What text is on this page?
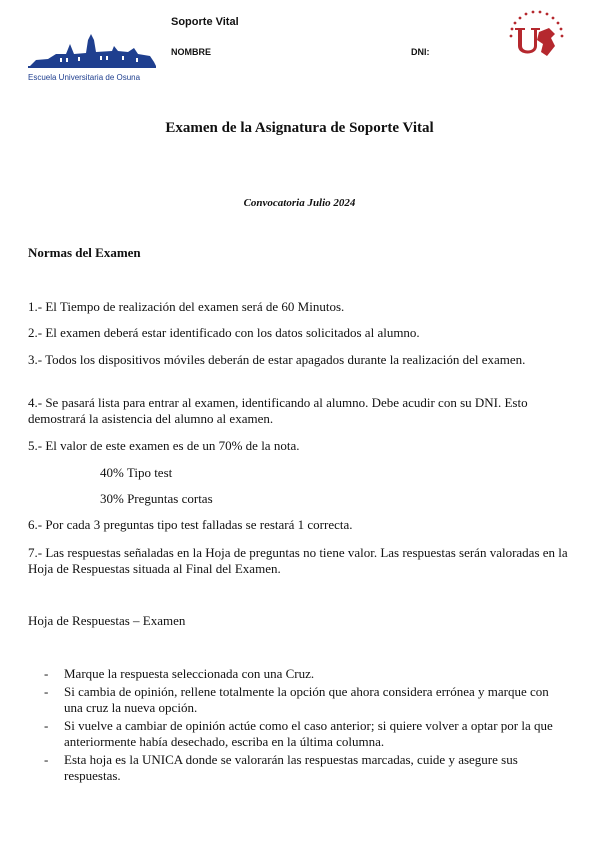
Soporte Vital
NOMBRE	DNI:
Escuela Universitaria de Osuna
Examen de la Asignatura de Soporte Vital
Convocatoria Julio 2024
Normas del Examen
1.- El Tiempo de realización del examen será de 60 Minutos.
2.- El examen deberá estar identificado con los datos solicitados al alumno.
3.- Todos los dispositivos móviles deberán de estar apagados durante la realización del examen.
4.- Se pasará lista para entrar al examen, identificando al alumno. Debe acudir con su DNI. Esto demostrará la asistencia del alumno al examen.
5.- El valor de este examen es de un 70% de la nota.
40% Tipo test
30% Preguntas cortas
6.- Por cada 3 preguntas tipo test falladas se restará 1 correcta.
7.- Las respuestas señaladas en la Hoja de preguntas no tiene valor. Las respuestas serán valoradas en la Hoja de Respuestas situada al Final del Examen.
Hoja de Respuestas – Examen
- Marque la respuesta seleccionada con una Cruz.
- Si cambia de opinión, rellene totalmente la opción que ahora considera errónea y marque con una cruz la nueva opción.
- Si vuelve a cambiar de opinión actúe como el caso anterior; si quiere volver a optar por la que anteriormente había desechado, escriba en la última columna.
- Esta hoja es la UNICA donde se valorarán las respuestas marcadas, cuide y asegure sus respuestas.
